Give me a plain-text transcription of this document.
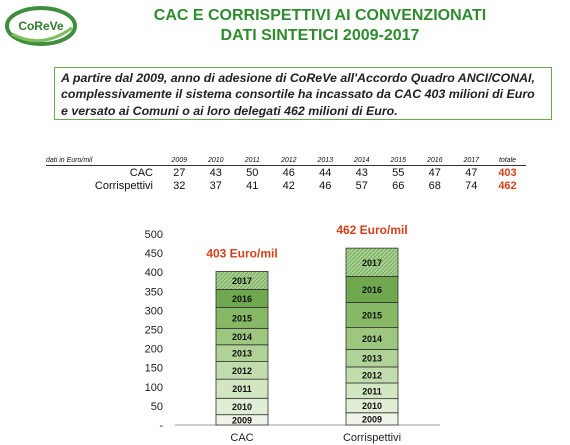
CoReVe
CAC E CORRISPETTIVI AI CONVENZIONATI
DATI SINTETICI 2009-2017
A partire dal 2009, anno di adesione di CoReVe all'Accordo Quadro ANCI/CONAI, complessivamente il sistema consortile ha incassato da CAC 403 milioni di Euro e versato ai Comuni o ai loro delegati 462 milioni di Euro.
dati in Euro/mil	2009	2010	2011	2012	2013	2014	2015	2016	2017	totale
CAC	27	43	50	46	44	43	55	47	47	403
Corrispettivi	32	37	41	42	46	57	66	68	74	462
-
50
100
150
200
250
300
350
400
450
500
2009
2010
2011
2012
2013
2014
2015
2016
2017
403 Euro/mil
CAC
2009
2010
2011
2012
2013
2014
2015
2016
2017
462 Euro/mil
Corrispettivi
